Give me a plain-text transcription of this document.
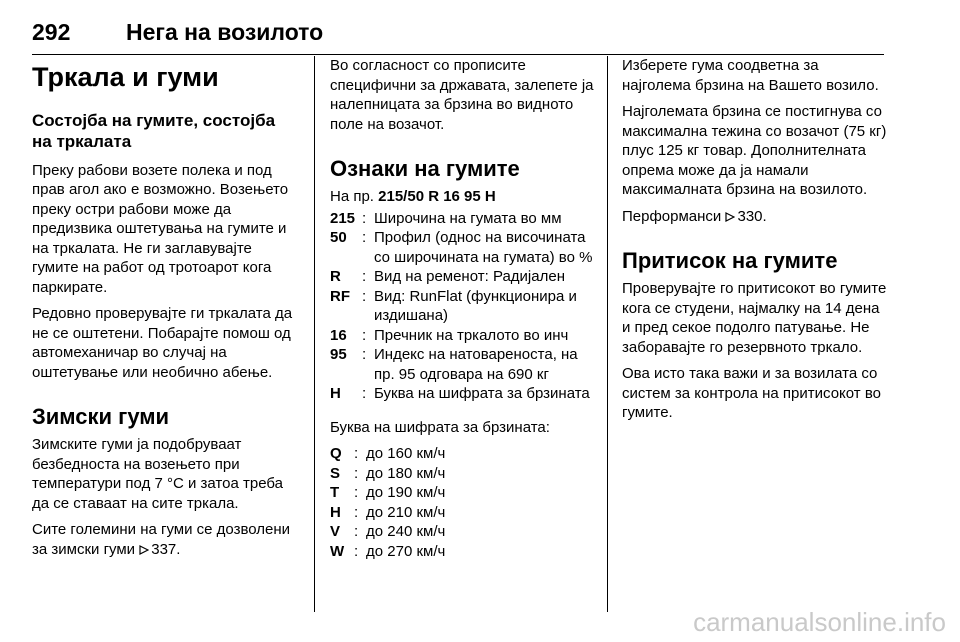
292 Нега на возилото
Тркала и гуми
Состојба на гумите, состојба на тркалата

Преку рабови возете полека и под прав агол ако е возможно. Возењето преку остри рабови може да предизвика оштетувања на гумите и на тркалата. Не ги заглавувајте гумите на работ од тротоарот кога паркирате.

Редовно проверувајте ги тркалата да не се оштетени. Побарајте помош од автомеханичар во случај на оштетување или необично абење.

Зимски гуми

Зимските гуми ја подобруваат безбедноста на возењето при температури под 7 °C и затоа треба да се ставаат на сите тркала.

Сите големини на гуми се дозволени за зимски гуми 337.

Во согласност со прописите специфични за државата, залепете ја налепницата за брзина во видното поле на возачот.

Ознаки на гумите

На пр. 215/50 R 16 95 H

215 : Широчина на гумата во мм
50	: Профил (однос на височината со широчината на гумата) во %
R	: Вид на ременот: Радијален
RF : Вид: RunFlat (функционира и издишана)
16	: Пречник на тркалото во инч
95	: Индекс на натовареноста, на пр. 95 одговара на 690 кг
H	: Буква на шифрата за брзината

Буква на шифрата за брзината:

Q : до 160 км/ч
S : до 180 км/ч
T : до 190 км/ч
H : до 210 км/ч
V : до 240 км/ч
W : до 270 км/ч

Изберете гума соодветна за најголема брзина на Вашето возило.

Најголемата брзина се постигнува со максимална тежина со возачот (75 кг) плус 125 кг товар. Дополнителната опрема може да ја намали максималната брзина на возилото.

Перформанси 330.

Притисок на гумите

Проверувајте го притисокот во гумите кога се студени, најмалку на 14 дена и пред секое подолго патување. Не заборавајте го резервното тркало.

Ова исто така важи и за возилата со систем за контрола на притисокот во гумите.

carmanualsonline.info
